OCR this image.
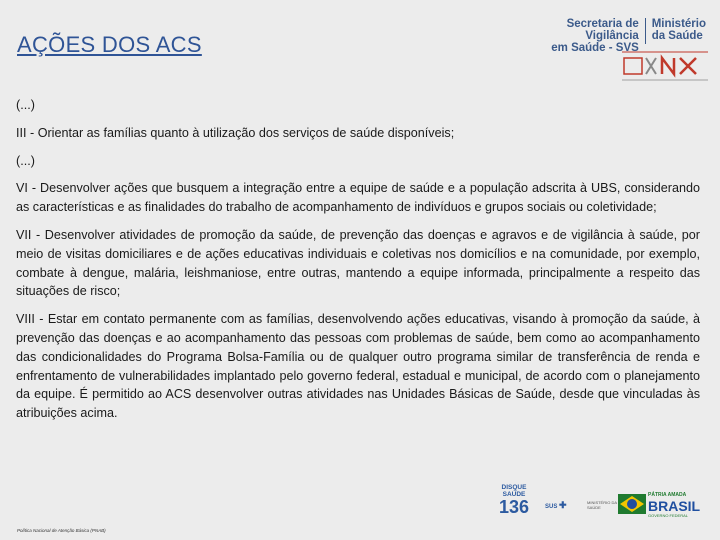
AÇÕES DOS ACS
Secretaria de Vigilância
em Saúde - SVS
Ministério
da Saúde

(...)

III - Orientar as famílias quanto à utilização dos serviços de saúde disponíveis;

(...)

VI - Desenvolver ações que busquem a integração entre a equipe de saúde e a população adscrita à UBS, considerando as características e as finalidades do trabalho de acompanhamento de indivíduos e grupos sociais ou coletividade;

VII - Desenvolver atividades de promoção da saúde, de prevenção das doenças e agravos e de vigilância à saúde, por meio de visitas domiciliares e de ações educativas individuais e coletivas nos domicílios e na comunidade, por exemplo, combate à dengue, malária, leishmaniose, entre outras, mantendo a equipe informada, principalmente a respeito das situações de risco;

VIII - Estar em contato permanente com as famílias, desenvolvendo ações educativas, visando à promoção da saúde, à prevenção das doenças e ao acompanhamento das pessoas com problemas de saúde, bem como ao acompanhamento das condicionalidades do Programa Bolsa-Família ou de qualquer outro programa similar de transferência de renda e enfrentamento de vulnerabilidades implantado pelo governo federal, estadual e municipal, de acordo com o planejamento da equipe. É permitido ao ACS desenvolver outras atividades nas Unidades Básicas de Saúde, desde que vinculadas às atribuições acima.

Política Nacional de Atenção Básica (PNAB)
DISQUE
SAÚDE
136	SUS ✚	MINISTÉRIO DA SAÚDE
PÁTRIA AMADA
BRASIL
GOVERNO FEDERAL
